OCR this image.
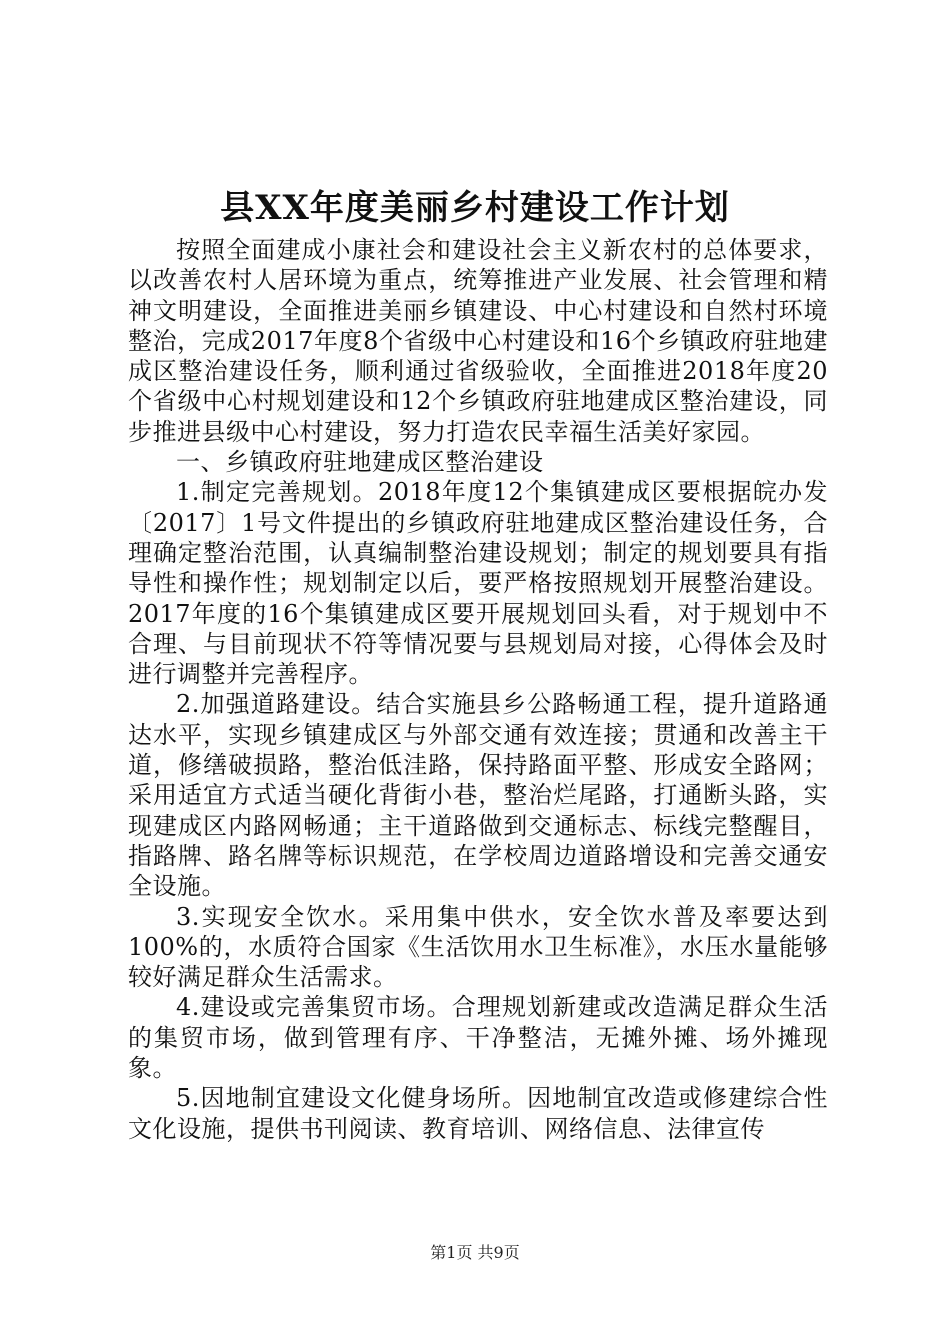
县XX年度美丽乡村建设工作计划

按照全面建成小康社会和建设社会主义新农村的总体要求，以改善农村人居环境为重点，统筹推进产业发展、社会管理和精神文明建设，全面推进美丽乡镇建设、中心村建设和自然村环境整治，完成2017年度8个省级中心村建设和16个乡镇政府驻地建成区整治建设任务，顺利通过省级验收，全面推进2018年度20个省级中心村规划建设和12个乡镇政府驻地建成区整治建设，同步推进县级中心村建设，努力打造农民幸福生活美好家园。

一、乡镇政府驻地建成区整治建设

1.制定完善规划。2018年度12个集镇建成区要根据皖办发〔2017〕1号文件提出的乡镇政府驻地建成区整治建设任务，合理确定整治范围，认真编制整治建设规划；制定的规划要具有指导性和操作性；规划制定以后，要严格按照规划开展整治建设。2017年度的16个集镇建成区要开展规划回头看，对于规划中不合理、与目前现状不符等情况要与县规划局对接，心得体会及时进行调整并完善程序。

2.加强道路建设。结合实施县乡公路畅通工程，提升道路通达水平，实现乡镇建成区与外部交通有效连接；贯通和改善主干道，修缮破损路，整治低洼路，保持路面平整、形成安全路网；采用适宜方式适当硬化背街小巷，整治烂尾路，打通断头路，实现建成区内路网畅通；主干道路做到交通标志、标线完整醒目，指路牌、路名牌等标识规范，在学校周边道路增设和完善交通安全设施。

3.实现安全饮水。采用集中供水，安全饮水普及率要达到100%的，水质符合国家《生活饮用水卫生标准》，水压水量能够较好满足群众生活需求。

4.建设或完善集贸市场。合理规划新建或改造满足群众生活的集贸市场，做到管理有序、干净整洁，无摊外摊、场外摊现象。

5.因地制宜建设文化健身场所。因地制宜改造或修建综合性文化设施，提供书刊阅读、教育培训、网络信息、法律宣传

第1页 共9页
